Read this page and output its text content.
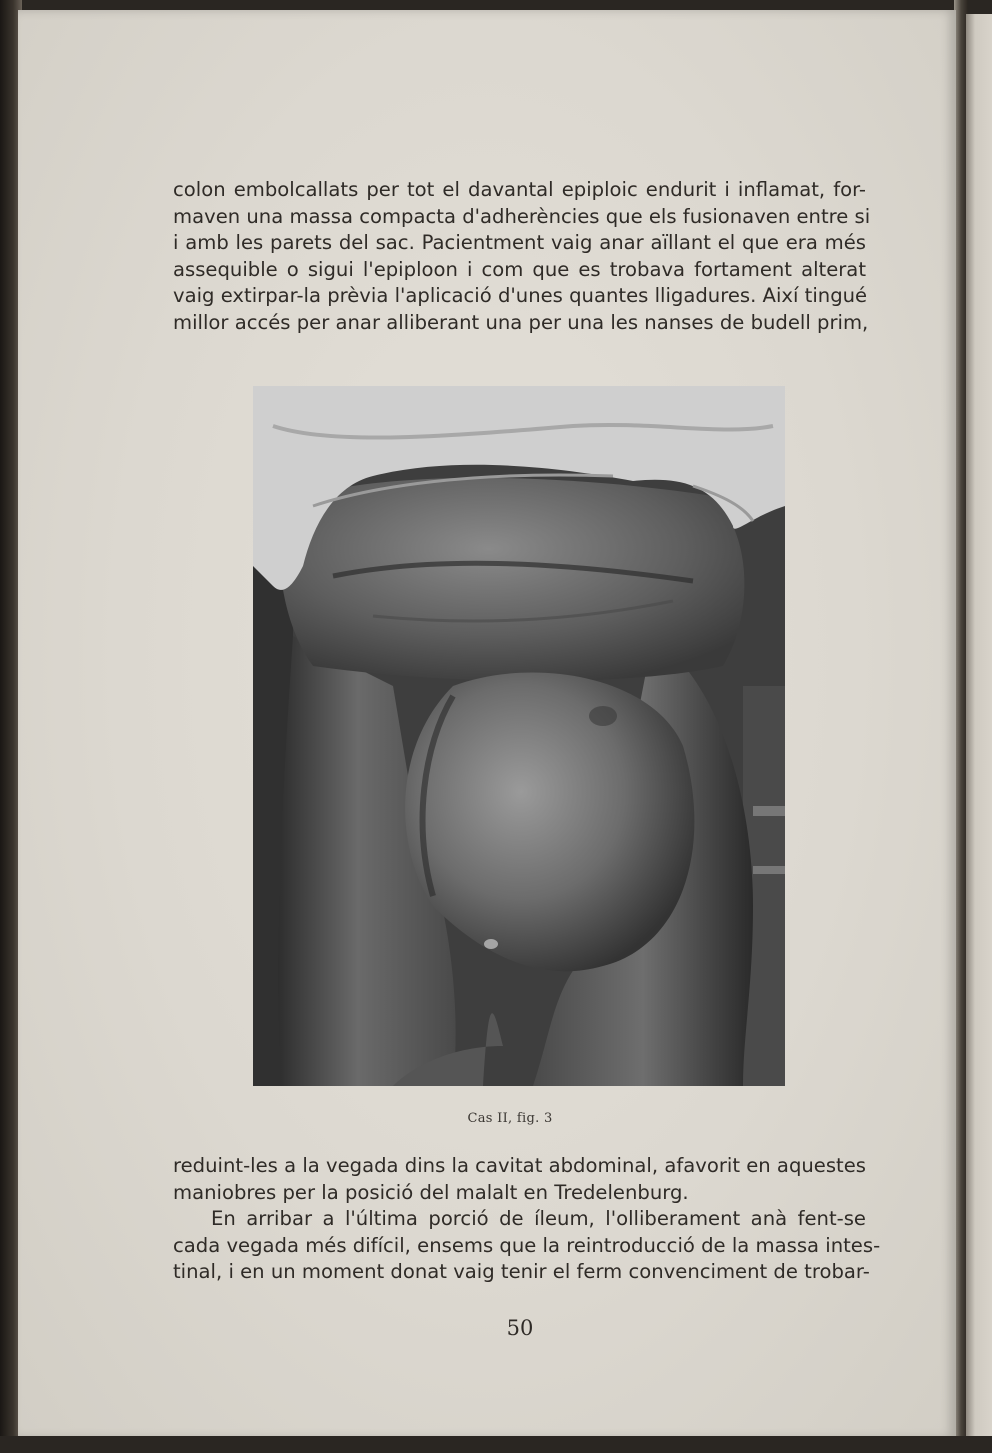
colon embolcallats per tot el davantal epiploic endurit i inflamat, for-
maven una massa compacta d'adherències que els fusionaven entre si
i amb les parets del sac. Pacientment vaig anar aïllant el que era més
assequible o sigui l'epiploon i com que es trobava fortament alterat
vaig extirpar-la prèvia l'aplicació d'unes quantes lligadures. Així tingué
millor accés per anar alliberant una per una les nanses de budell prim,
Cas II, fig. 3
reduint-les a la vegada dins la cavitat abdominal, afavorit en aquestes
maniobres per la posició del malalt en Tredelenburg.
En arribar a l'última porció de íleum, l'olliberament anà fent-se
cada vegada més difícil, ensems que la reintroducció de la massa intes-
tinal, i en un moment donat vaig tenir el ferm convenciment de trobar-
50
